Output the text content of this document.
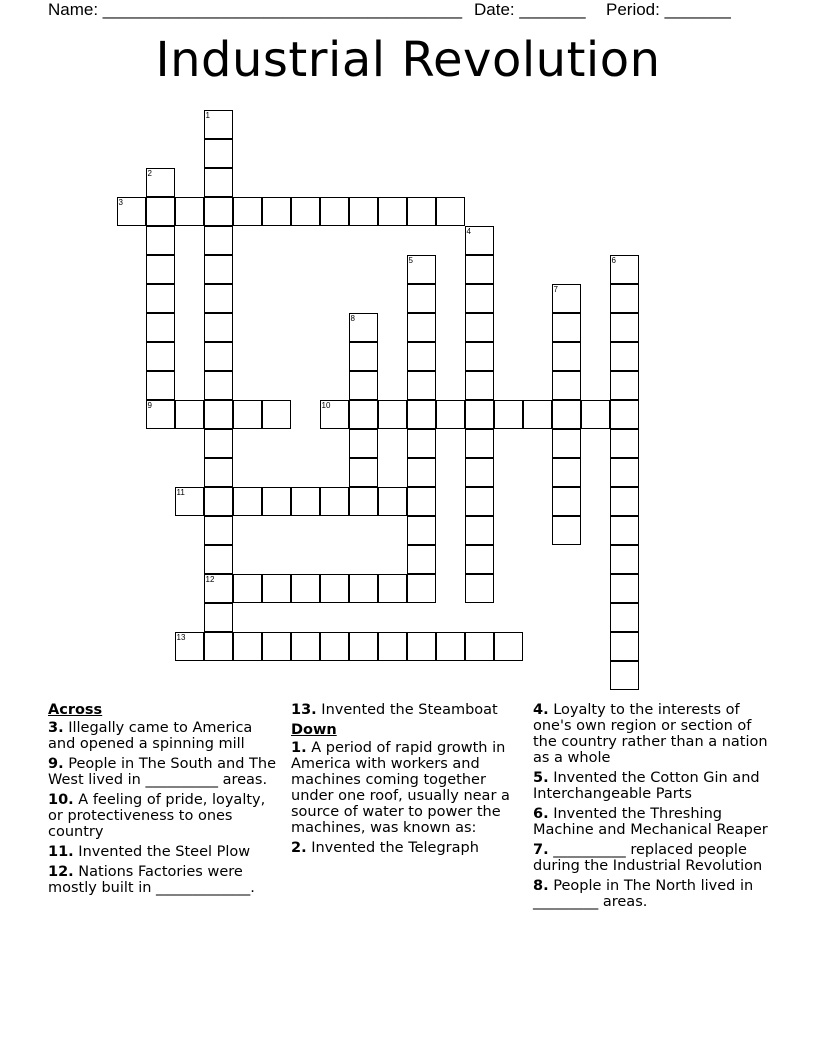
Name: ______________________________________ Date: _______ Period: _______
Industrial Revolution
1
2
3
4
5	6
7
8
9	10
11
12
13
Across
3. Illegally came to America and opened a spinning mill
9. People in The South and The West lived in __________ areas.
10. A feeling of pride, loyalty, or protectiveness to ones country
11. Invented the Steel Plow
12. Nations Factories were mostly built in _____________.
13. Invented the Steamboat
Down
1. A period of rapid growth in America with workers and machines coming together under one roof, usually near a source of water to power the machines, was known as:
2. Invented the Telegraph
4. Loyalty to the interests of one's own region or section of the country rather than a nation as a whole
5. Invented the Cotton Gin and Interchangeable Parts
6. Invented the Threshing Machine and Mechanical Reaper
7. __________ replaced people during the Industrial Revolution
8. People in The North lived in _________ areas.
